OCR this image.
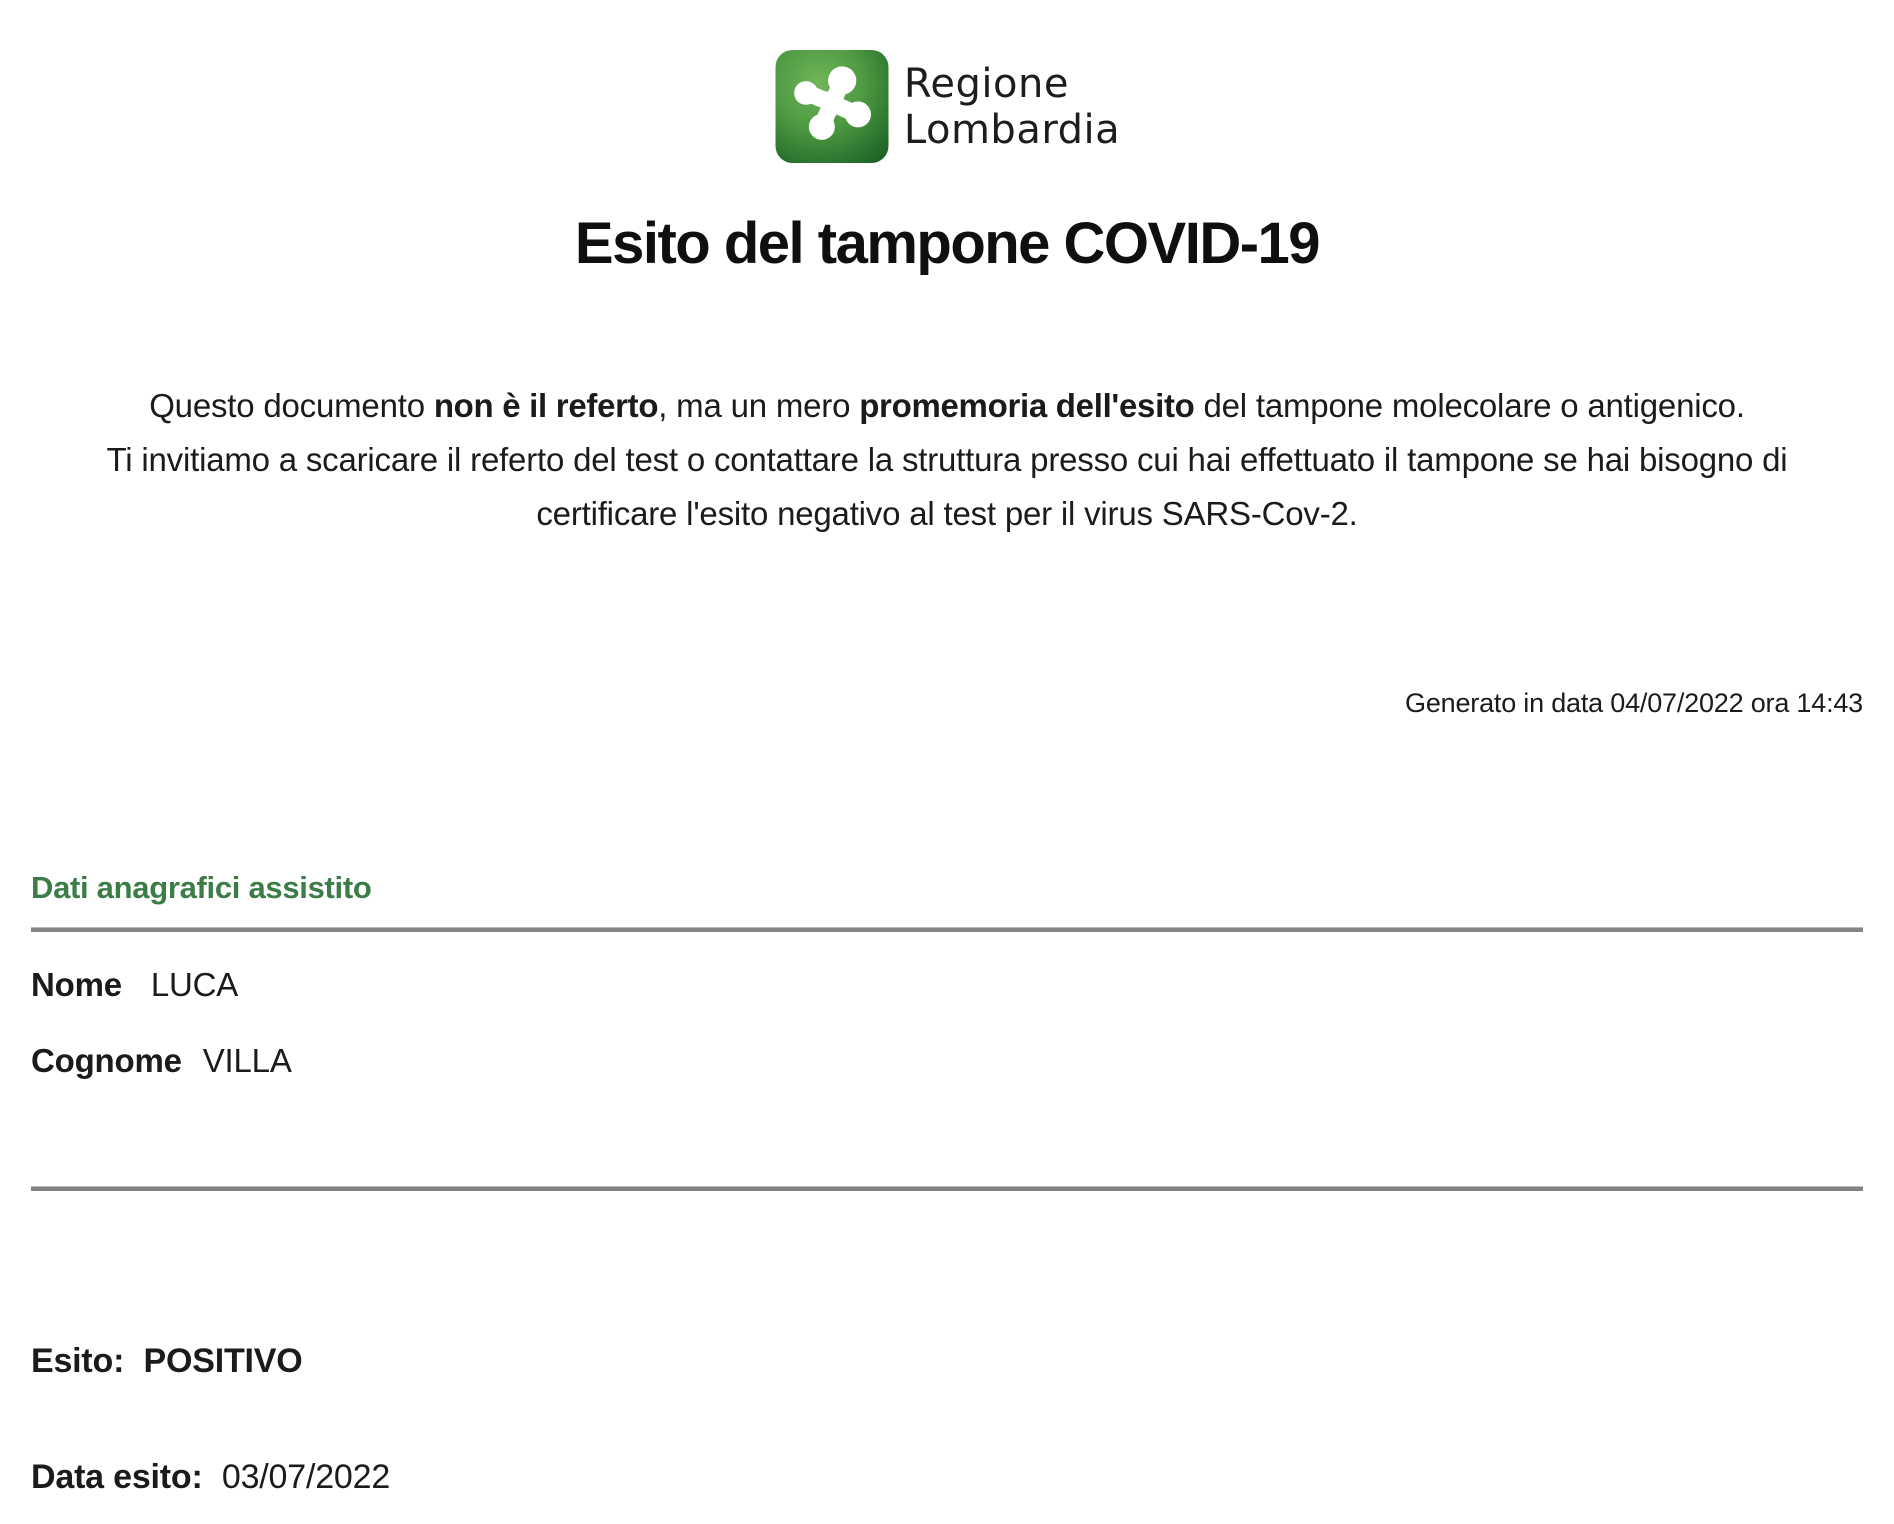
Regione
Lombardia
Esito del tampone COVID-19

Questo documento non è il referto, ma un mero promemoria dell'esito del tampone molecolare o antigenico.
Ti invitiamo a scaricare il referto del test o contattare la struttura presso cui hai effettuato il tampone se hai bisogno di
certificare l'esito negativo al test per il virus SARS-Cov-2.

Generato in data 04/07/2022 ora 14:43
Dati anagrafici assistito
Nome LUCA
Cognome VILLA
Esito: POSITIVO
Data esito: 03/07/2022
